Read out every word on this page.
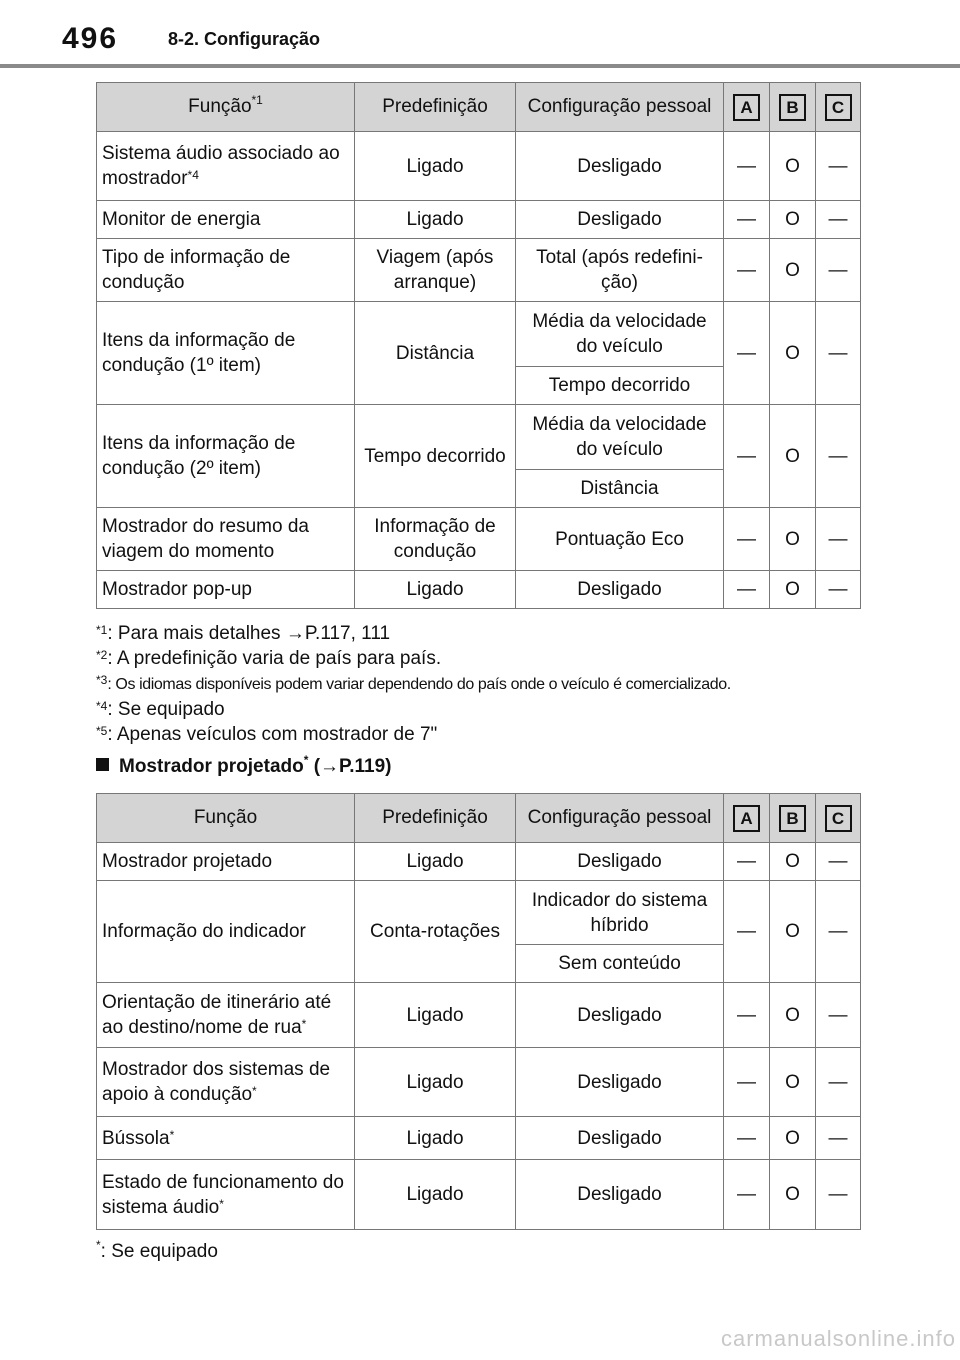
496	8-2. Configuração
Função$^{*1}$	Predefinição	Configuração pessoal	A	B	C
Sistema áudio associado ao mostrador$^{*4}$	Ligado	Desligado	—	O	—
Monitor de energia	Ligado	Desligado	—	O	—
Tipo de informação de condução	Viagem (após arranque)	Total (após redefini-ção)	—	O	—
Itens da informação de condução (1º item)	Distância	Média da velocidade do veículo	—	O	—
		Tempo decorrido			
Itens da informação de condução (2º item)	Tempo decorrido	Média da velocidade do veículo	—	O	—
		Distância			
Mostrador do resumo da viagem do momento	Informação de condução	Pontuação Eco	—	O	—
Mostrador pop-up	Ligado	Desligado	—	O	—
$^{*1}$: Para mais detalhes →P.117, 111
$^{*2}$: A predefinição varia de país para país.
$^{*3}$: Os idiomas disponíveis podem variar dependendo do país onde o veículo é comercializado.
$^{*4}$: Se equipado
$^{*5}$: Apenas veículos com mostrador de 7"
Mostrador projetado* (→P.119)
Função	Predefinição	Configuração pessoal	A	B	C
Mostrador projetado	Ligado	Desligado	—	O	—
Informação do indicador	Conta-rotações	Indicador do sistema híbrido	—	O	—
		Sem conteúdo			
Orientação de itinerário até ao destino/nome de rua*	Ligado	Desligado	—	O	—
Mostrador dos sistemas de apoio à condução*	Ligado	Desligado	—	O	—
Bússola*	Ligado	Desligado	—	O	—
Estado de funcionamento do sistema áudio*	Ligado	Desligado	—	O	—
*: Se equipado
carmanualsonline.info
